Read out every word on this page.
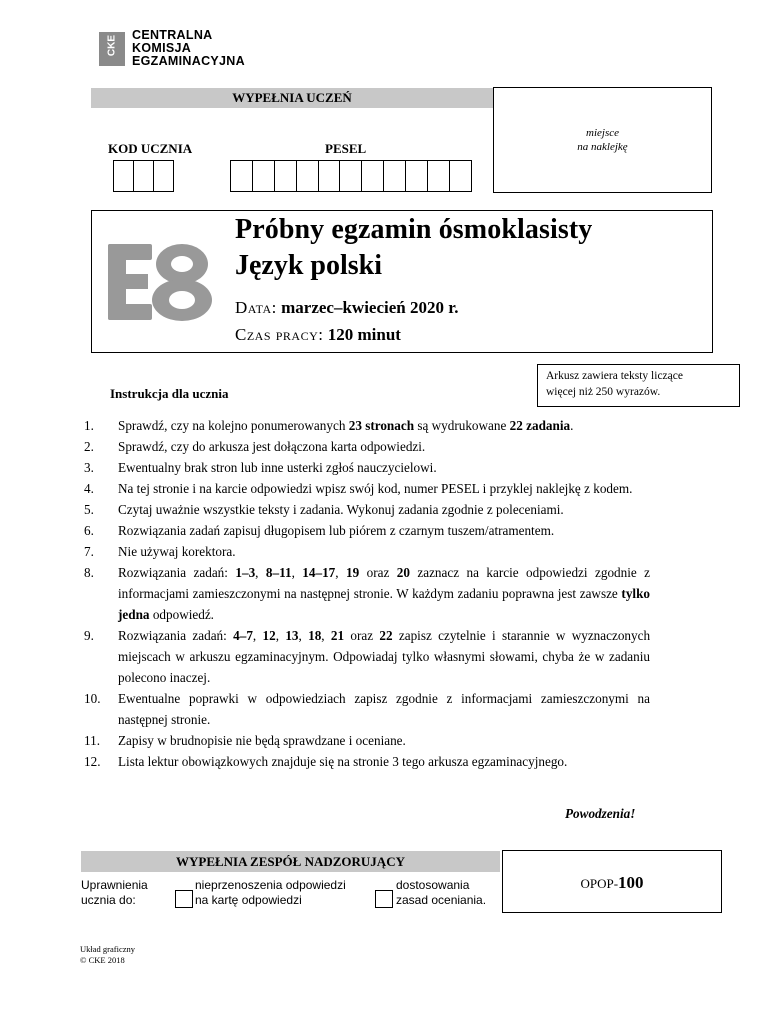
CKE CENTRALNA
KOMISJA
EGZAMINACYJNA
WYPEŁNIA UCZEŃ
miejsce
na naklejkę
KOD UCZNIA	PESEL
Próbny egzamin ósmoklasisty
Język polski
Data: marzec–kwiecień 2020 r.
Czas pracy: 120 minut
Arkusz zawiera teksty liczące
więcej niż 250 wyrazów.
Instrukcja dla ucznia
1.	Sprawdź, czy na kolejno ponumerowanych 23 stronach są wydrukowane 22 zadania.
2.	Sprawdź, czy do arkusza jest dołączona karta odpowiedzi.
3.	Ewentualny brak stron lub inne usterki zgłoś nauczycielowi.
4.	Na tej stronie i na karcie odpowiedzi wpisz swój kod, numer PESEL i przyklej naklejkę z kodem.
5.	Czytaj uważnie wszystkie teksty i zadania. Wykonuj zadania zgodnie z poleceniami.
6.	Rozwiązania zadań zapisuj długopisem lub piórem z czarnym tuszem/atramentem.
7.	Nie używaj korektora.
8.	Rozwiązania zadań: 1–3, 8–11, 14–17, 19 oraz 20 zaznacz na karcie odpowiedzi zgodnie z informacjami zamieszczonymi na następnej stronie. W każdym zadaniu poprawna jest zawsze tylko jedna odpowiedź.
9.	Rozwiązania zadań: 4–7, 12, 13, 18, 21 oraz 22 zapisz czytelnie i starannie w wyznaczonych miejscach w arkuszu egzaminacyjnym. Odpowiadaj tylko własnymi słowami, chyba że w zadaniu polecono inaczej.
10.	Ewentualne poprawki w odpowiedziach zapisz zgodnie z informacjami zamieszczonymi na następnej stronie.
11.	Zapisy w brudnopisie nie będą sprawdzane i oceniane.
12.	Lista lektur obowiązkowych znajduje się na stronie 3 tego arkusza egzaminacyjnego.
Powodzenia!
WYPEŁNIA ZESPÓŁ NADZORUJĄCY
OPOP-100
Uprawnienia
ucznia do:
nieprzenoszenia odpowiedzi
na kartę odpowiedzi
dostosowania
zasad oceniania.
Układ graficzny
© CKE 2018
